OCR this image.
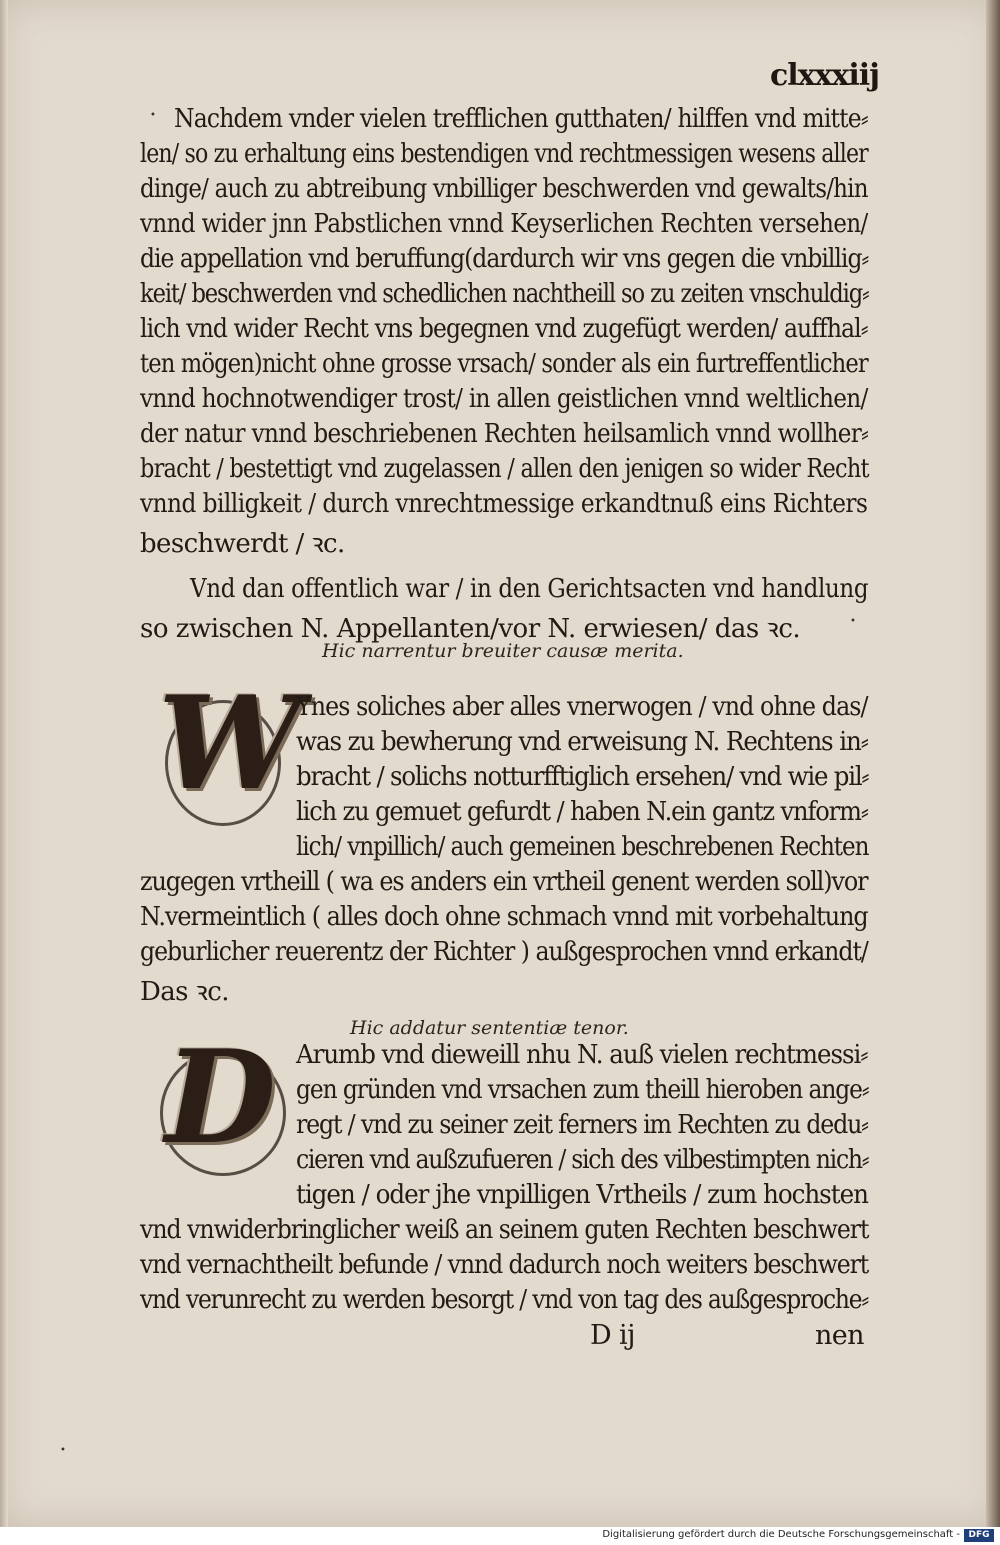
clxxxiij
Nachdem vnder vielen trefflichen gutthaten/ hilffen vnd mitte⸗
len/ so zu erhaltung eins bestendigen vnd rechtmessigen wesens aller
dinge/ auch zu abtreibung vnbilliger beschwerden vnd gewalts/hin
vnnd wider jnn Pabstlichen vnnd Keyserlichen Rechten versehen/
die appellation vnd beruffung(dardurch wir vns gegen die vnbillig⸗
keit/ beschwerden vnd schedlichen nachtheill so zu zeiten vnschuldig⸗
lich vnd wider Recht vns begegnen vnd zugefügt werden/ auffhal⸗
ten mögen)nicht ohne grosse vrsach/ sonder als ein furtreffentlicher
vnnd hochnotwendiger trost/ in allen geistlichen vnnd weltlichen/
der natur vnnd beschriebenen Rechten heilsamlich vnnd wollher⸗
bracht / bestettigt vnd zugelassen / allen den jenigen so wider Recht
vnnd billigkeit / durch vnrechtmessige erkandtnuß eins Richters
beschwerdt / ꝛc.
Vnd dan offentlich war / in den Gerichtsacten vnd handlung
so zwischen N. Appellanten/vor N. erwiesen/ das ꝛc.
Hic narrentur breuiter causæ merita.
W
Ynes soliches aber alles vnerwogen / vnd ohne das/
was zu bewherung vnd erweisung N. Rechtens in⸗
bracht / solichs notturfftiglich ersehen/ vnd wie pil⸗
lich zu gemuet gefurdt / haben N.ein gantz vnform⸗
lich/ vnpillich/ auch gemeinen beschrebenen Rechten
zugegen vrtheill ( wa es anders ein vrtheil genent werden soll)vor
N.vermeintlich ( alles doch ohne schmach vnnd mit vorbehaltung
geburlicher reuerentz der Richter ) außgesprochen vnnd erkandt/
Das ꝛc.
Hic addatur sententiæ tenor.
D Arumb vnd dieweill nhu N. auß vielen rechtmessi⸗
gen gründen vnd vrsachen zum theill hieroben ange⸗
regt / vnd zu seiner zeit ferners im Rechten zu dedu⸗
cieren vnd außzufueren / sich des vilbestimpten nich⸗
tigen / oder jhe vnpilligen Vrtheils / zum hochsten
vnd vnwiderbringlicher weiß an seinem guten Rechten beschwert
vnd vernachtheilt befunde / vnnd dadurch noch weiters beschwert
vnd verunrecht zu werden besorgt / vnd von tag des außgesproche⸗
D ij	nen
•
•
•
Digitalisierung gefördert durch die Deutsche Forschungsgemeinschaft - DFG
